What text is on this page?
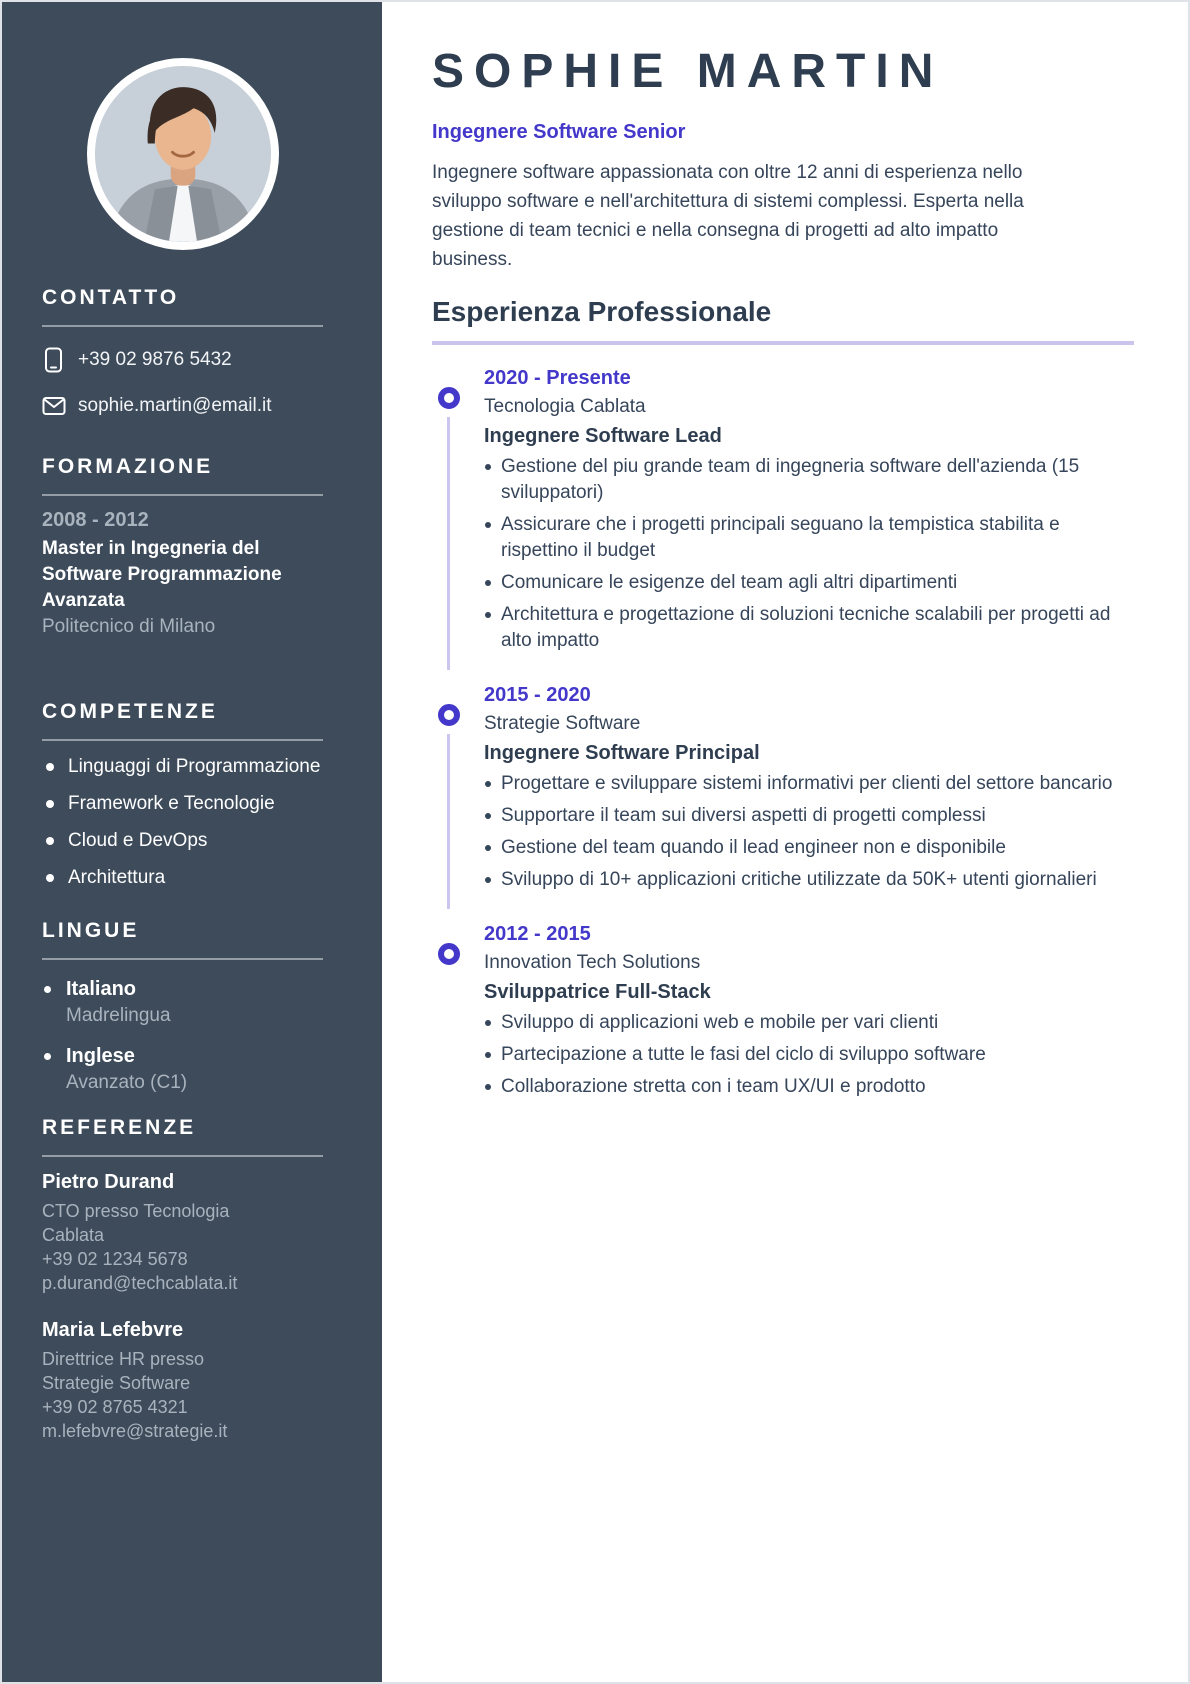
CONTATTO
+39 02 9876 5432
sophie.martin@email.it
FORMAZIONE
2008 - 2012
Master in Ingegneria del Software Programmazione Avanzata
Politecnico di Milano
COMPETENZE
Linguaggi di Programmazione
Framework e Tecnologie
Cloud e DevOps
Architettura
LINGUE
Italiano
Madrelingua
Inglese
Avanzato (C1)
REFERENZE
Pietro Durand
CTO presso Tecnologia Cablata
+39 02 1234 5678
p.durand@techcablata.it
Maria Lefebvre
Direttrice HR presso Strategie Software
+39 02 8765 4321
m.lefebvre@strategie.it
SOPHIE MARTIN
Ingegnere Software Senior

Ingegnere software appassionata con oltre 12 anni di esperienza nello sviluppo software e nell'architettura di sistemi complessi. Esperta nella gestione di team tecnici e nella consegna di progetti ad alto impatto business.

Esperienza Professionale
2020 - Presente
Tecnologia Cablata
Ingegnere Software Lead
Gestione del piu grande team di ingegneria software dell'azienda (15 sviluppatori)
Assicurare che i progetti principali seguano la tempistica stabilita e rispettino il budget
Comunicare le esigenze del team agli altri dipartimenti
Architettura e progettazione di soluzioni tecniche scalabili per progetti ad alto impatto
2015 - 2020
Strategie Software
Ingegnere Software Principal
Progettare e sviluppare sistemi informativi per clienti del settore bancario
Supportare il team sui diversi aspetti di progetti complessi
Gestione del team quando il lead engineer non e disponibile
Sviluppo di 10+ applicazioni critiche utilizzate da 50K+ utenti giornalieri
2012 - 2015
Innovation Tech Solutions
Sviluppatrice Full-Stack
Sviluppo di applicazioni web e mobile per vari clienti
Partecipazione a tutte le fasi del ciclo di sviluppo software
Collaborazione stretta con i team UX/UI e prodotto
